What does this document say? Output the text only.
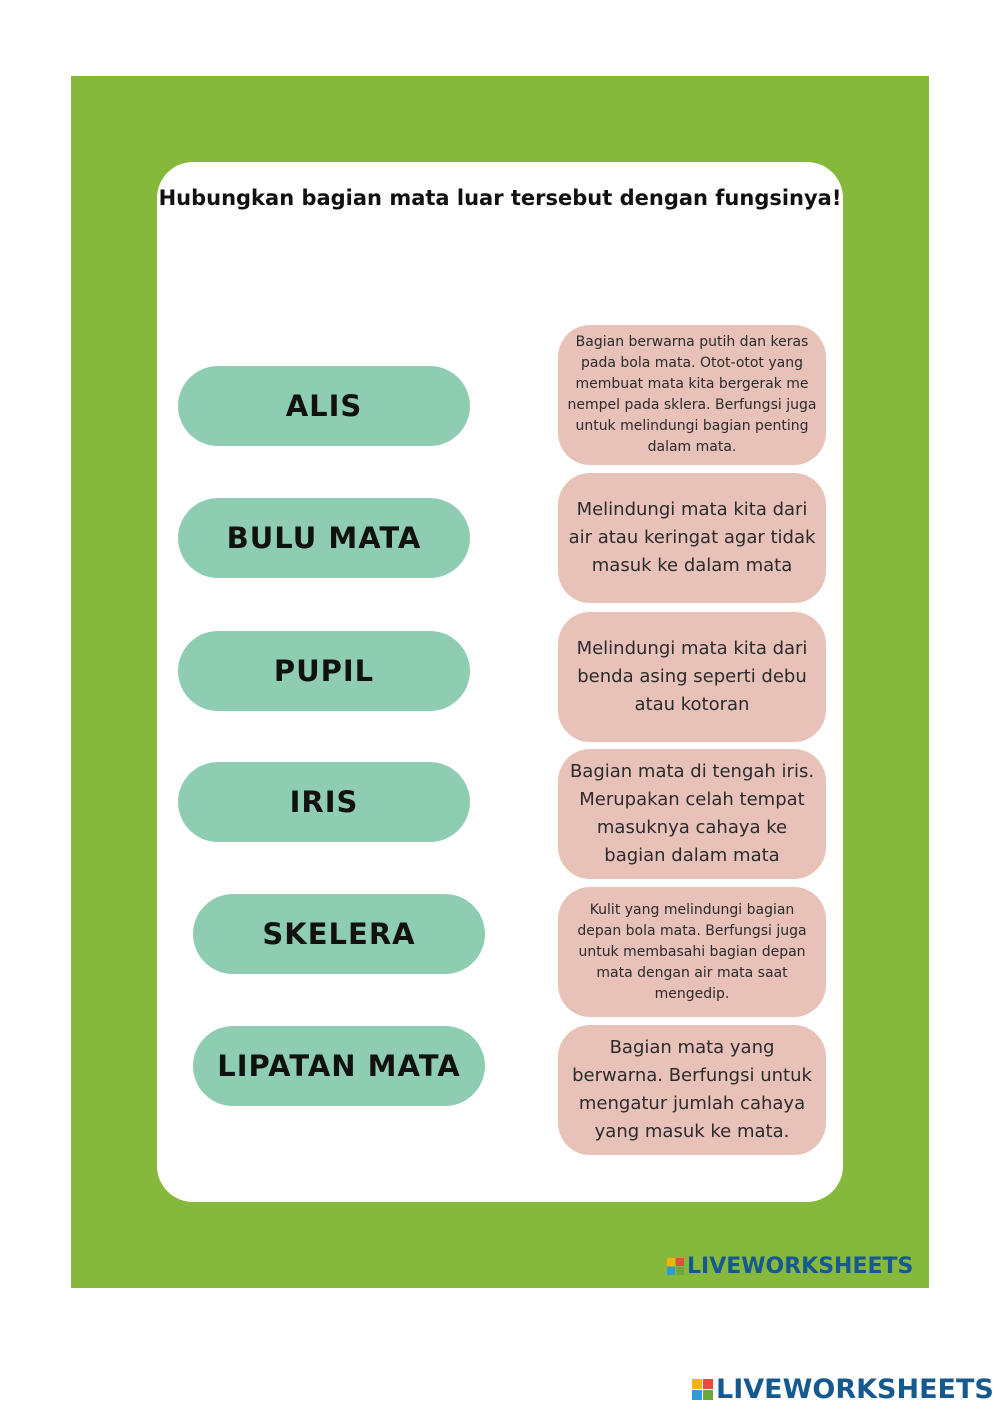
Hubungkan bagian mata luar tersebut dengan fungsinya!
ALIS
BULU MATA
PUPIL
IRIS
SKELERA
LIPATAN MATA
Bagian berwarna putih dan keras pada bola mata. Otot-otot yang membuat mata kita bergerak me nempel pada sklera. Berfungsi juga untuk melindungi bagian penting dalam mata.
Melindungi mata kita dari air atau keringat agar tidak masuk ke dalam mata
Melindungi mata kita dari benda asing seperti debu atau kotoran
Bagian mata di tengah iris. Merupakan celah tempat masuknya cahaya ke bagian dalam mata
Kulit yang melindungi bagian depan bola mata. Berfungsi juga untuk membasahi bagian depan mata dengan air mata saat mengedip.
Bagian mata yang berwarna. Berfungsi untuk mengatur jumlah cahaya yang masuk ke mata.
LIVEWORKSHEETS
LIVEWORKSHEETS
